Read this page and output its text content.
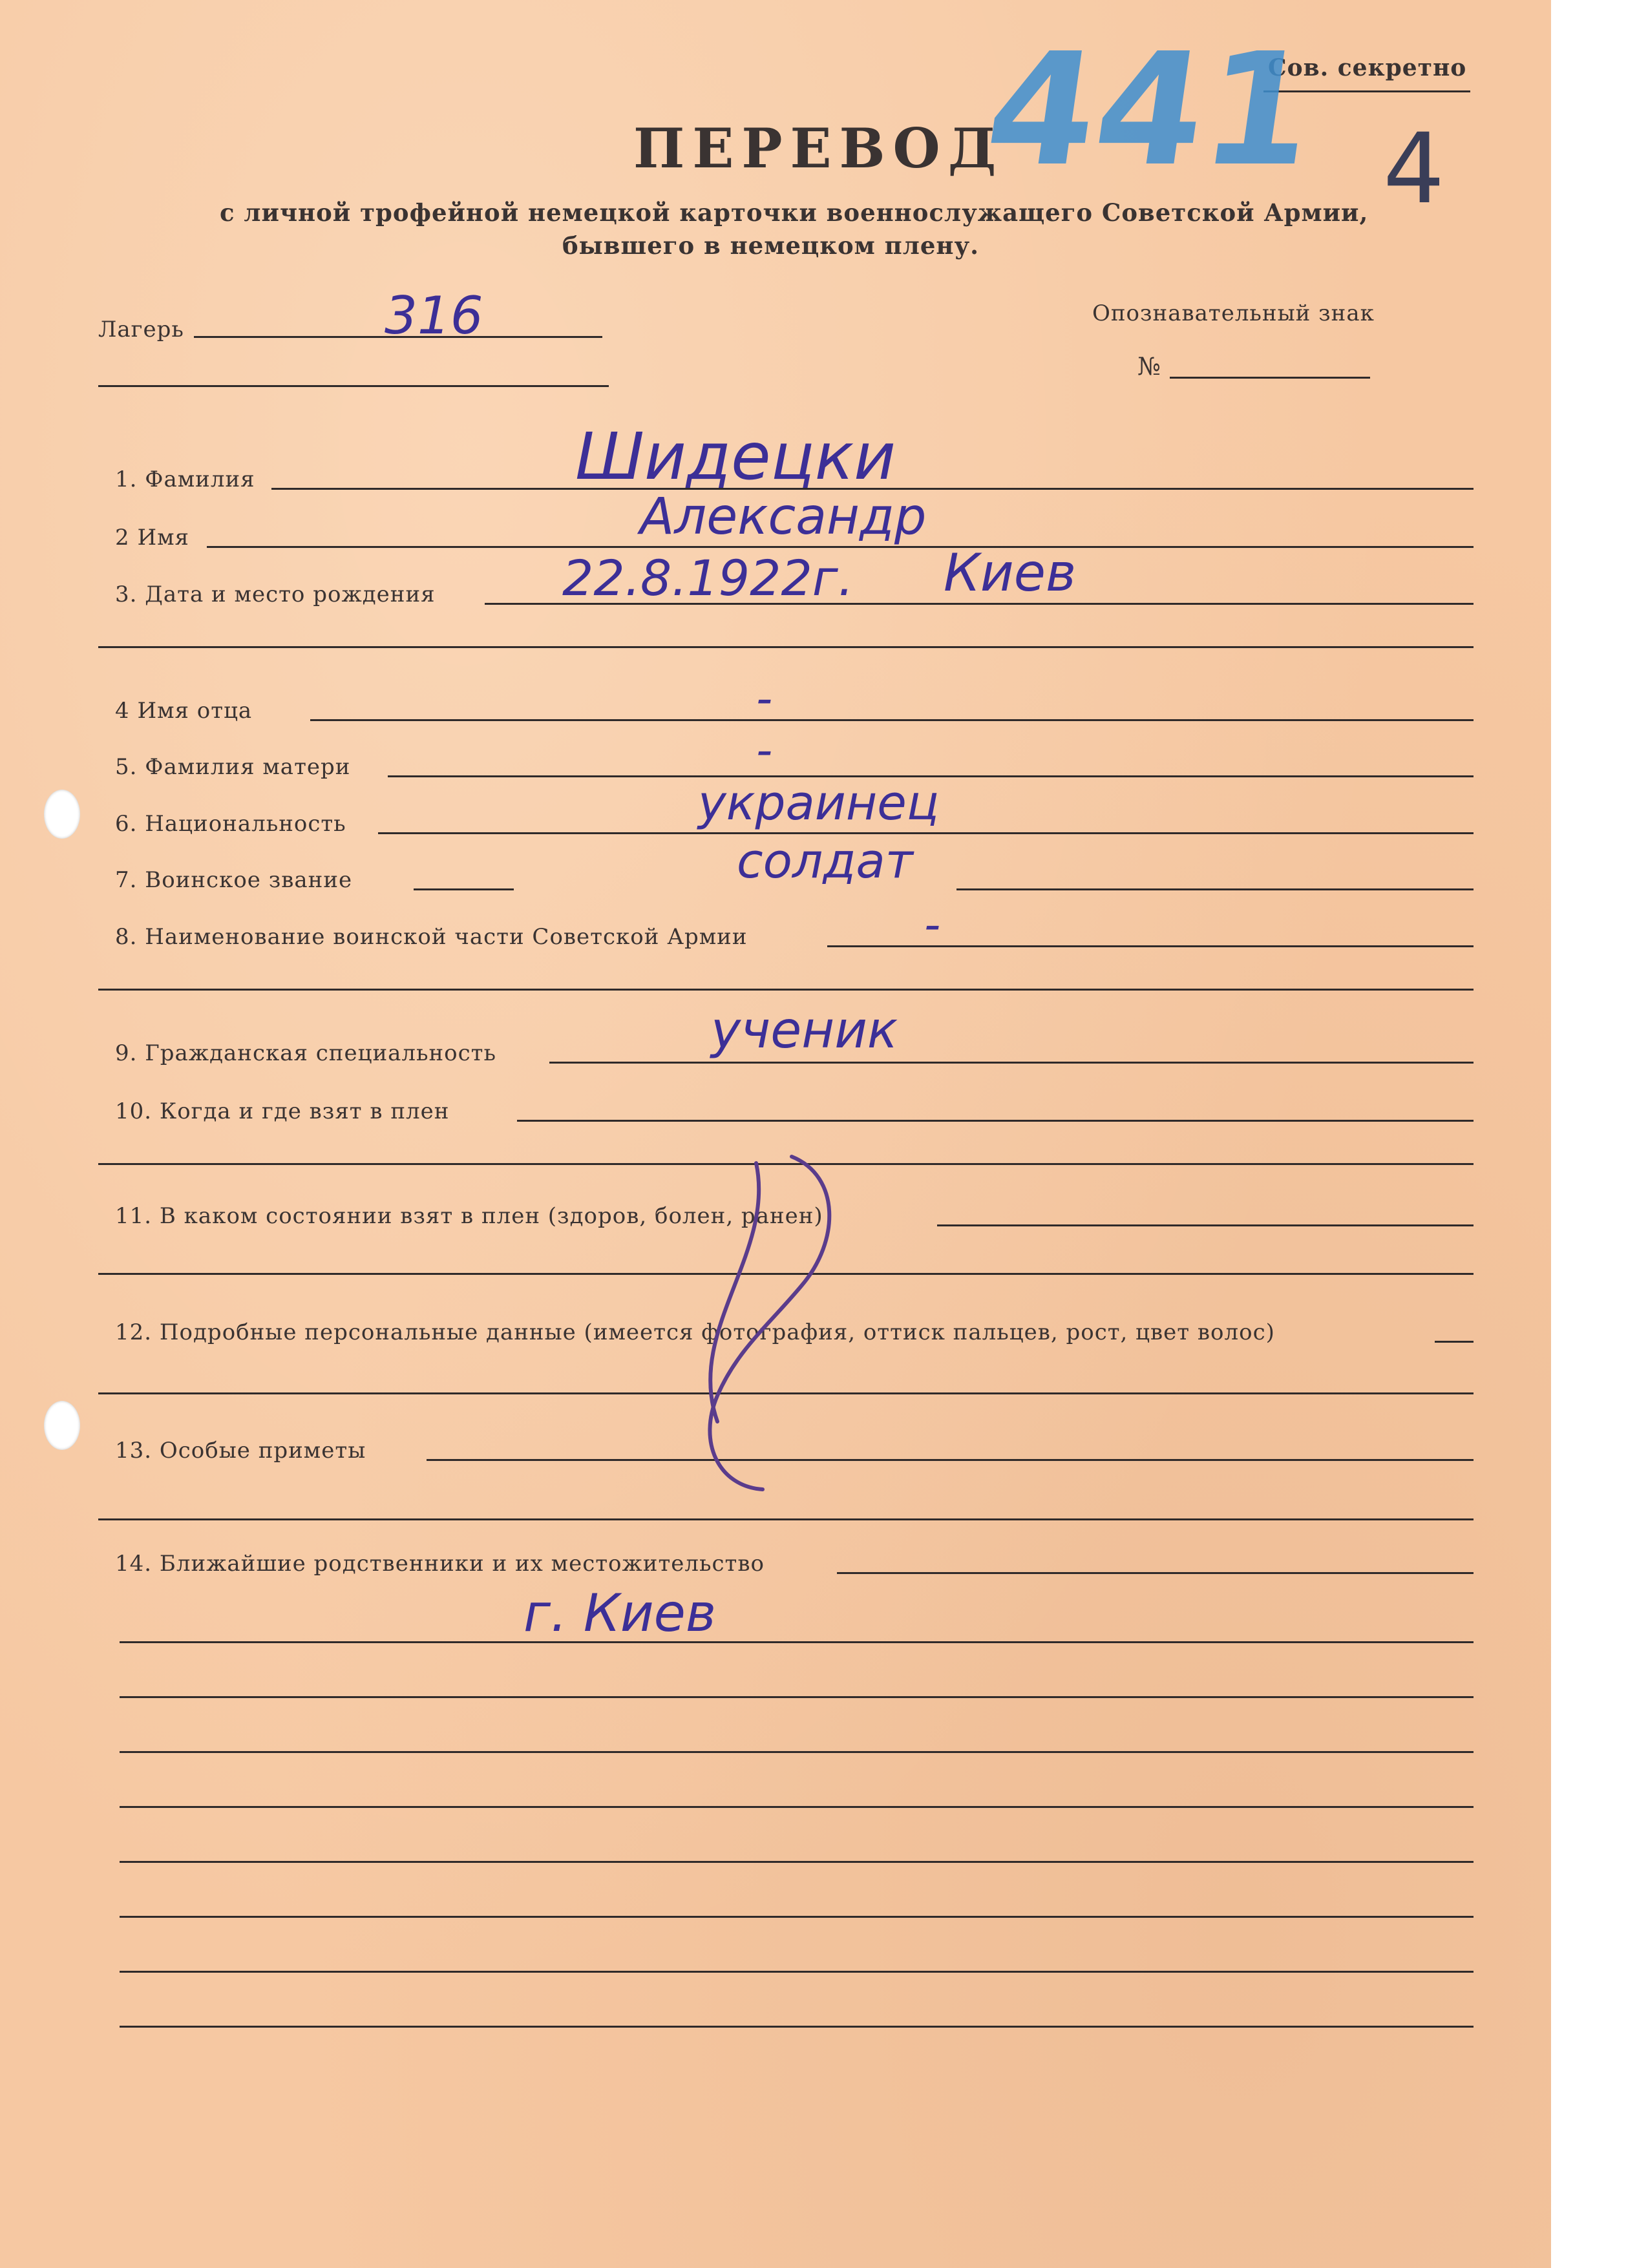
Сов. секретно
441 4
ПЕРЕВОД
с личной трофейной немецкой карточки военнослужащего Советской Армии,
бывшего в немецком плену.
Лагерь	316	Опознавательный знак
№
1. Фамилия	Шидецки
2 Имя	Александр
3. Дата и место рождения	22.8.1922г. Киев
4 Имя отца	-
5. Фамилия матери	-
6. Национальность	украинец
7. Воинское звание	солдат
8. Наименование воинской части Советской Армии	-
9. Гражданская специальность	ученик
10. Когда и где взят в плен
11. В каком состоянии взят в плен (здоров, болен, ранен)
12. Подробные персональные данные (имеется фотография, оттиск пальцев, рост, цвет волос)
13. Особые приметы
14. Ближайшие родственники и их местожительство
г. Киев
